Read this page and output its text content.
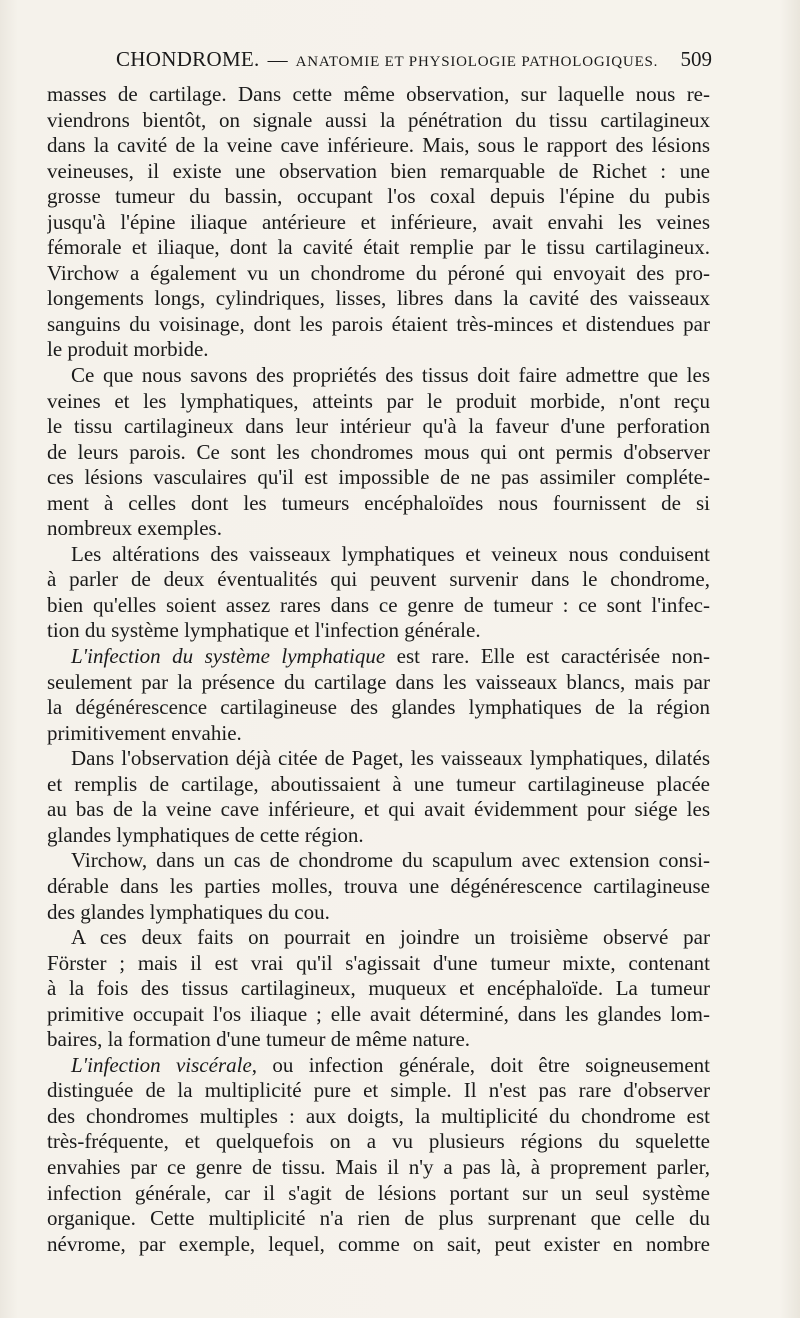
CHONDROME. — ANATOMIE ET PHYSIOLOGIE PATHOLOGIQUES. 509
masses de cartilage. Dans cette même observation, sur laquelle nous re-
viendrons bientôt, on signale aussi la pénétration du tissu cartilagineux
dans la cavité de la veine cave inférieure. Mais, sous le rapport des lésions
veineuses, il existe une observation bien remarquable de Richet : une
grosse tumeur du bassin, occupant l'os coxal depuis l'épine du pubis
jusqu'à l'épine iliaque antérieure et inférieure, avait envahi les veines
fémorale et iliaque, dont la cavité était remplie par le tissu cartilagineux.
Virchow a également vu un chondrome du péroné qui envoyait des pro-
longements longs, cylindriques, lisses, libres dans la cavité des vaisseaux
sanguins du voisinage, dont les parois étaient très-minces et distendues par
le produit morbide.
Ce que nous savons des propriétés des tissus doit faire admettre que les
veines et les lymphatiques, atteints par le produit morbide, n'ont reçu
le tissu cartilagineux dans leur intérieur qu'à la faveur d'une perforation
de leurs parois. Ce sont les chondromes mous qui ont permis d'observer
ces lésions vasculaires qu'il est impossible de ne pas assimiler compléte-
ment à celles dont les tumeurs encéphaloïdes nous fournissent de si
nombreux exemples.
Les altérations des vaisseaux lymphatiques et veineux nous conduisent
à parler de deux éventualités qui peuvent survenir dans le chondrome,
bien qu'elles soient assez rares dans ce genre de tumeur : ce sont l'infec-
tion du système lymphatique et l'infection générale.
L'infection du système lymphatique est rare. Elle est caractérisée non-
seulement par la présence du cartilage dans les vaisseaux blancs, mais par
la dégénérescence cartilagineuse des glandes lymphatiques de la région
primitivement envahie.
Dans l'observation déjà citée de Paget, les vaisseaux lymphatiques, dilatés
et remplis de cartilage, aboutissaient à une tumeur cartilagineuse placée
au bas de la veine cave inférieure, et qui avait évidemment pour siége les
glandes lymphatiques de cette région.
Virchow, dans un cas de chondrome du scapulum avec extension consi-
dérable dans les parties molles, trouva une dégénérescence cartilagineuse
des glandes lymphatiques du cou.
A ces deux faits on pourrait en joindre un troisième observé par
Förster ; mais il est vrai qu'il s'agissait d'une tumeur mixte, contenant
à la fois des tissus cartilagineux, muqueux et encéphaloïde. La tumeur
primitive occupait l'os iliaque ; elle avait déterminé, dans les glandes lom-
baires, la formation d'une tumeur de même nature.
L'infection viscérale, ou infection générale, doit être soigneusement
distinguée de la multiplicité pure et simple. Il n'est pas rare d'observer
des chondromes multiples : aux doigts, la multiplicité du chondrome est
très-fréquente, et quelquefois on a vu plusieurs régions du squelette
envahies par ce genre de tissu. Mais il n'y a pas là, à proprement parler,
infection générale, car il s'agit de lésions portant sur un seul système
organique. Cette multiplicité n'a rien de plus surprenant que celle du
névrome, par exemple, lequel, comme on sait, peut exister en nombre
